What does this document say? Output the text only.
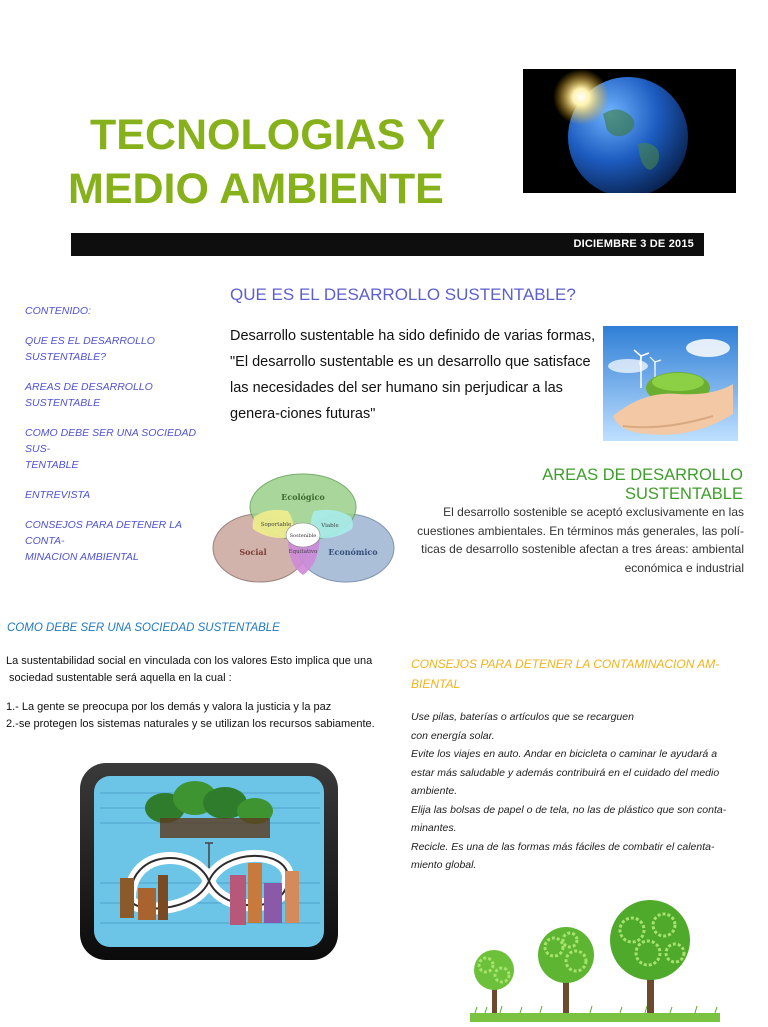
TECNOLOGIAS Y
MEDIO AMBIENTE
DICIEMBRE 3 DE 2015
CONTENIDO:
QUE ES EL DESARROLLO SUSTENTABLE?
AREAS DE DESARROLLO SUSTENTABLE
COMO DEBE SER UNA SOCIEDAD SUS-
TENTABLE
ENTREVISTA
CONSEJOS PARA DETENER LA CONTA-
MINACION AMBIENTAL
QUE ES EL DESARROLLO SUSTENTABLE?
Desarrollo sustentable ha sido definido de varias formas, "El desarrollo sustentable es un desarrollo que satisface las necesidades del ser humano sin perjudicar a las genera-ciones futuras"
AREAS DE DESARROLLO SUSTENTABLE
El desarrollo sostenible se aceptó exclusivamente en las cuestiones ambientales. En términos más generales, las polí-ticas de desarrollo sostenible afectan a tres áreas: ambiental económica e industrial
Ecológico
Social	Económico
Soportable	Viable
Equitativo
Sostenible
COMO DEBE SER UNA SOCIEDAD SUSTENTABLE

La sustentabilidad social en vinculada con los valores Esto implica que una

sociedad sustentable será aquella en la cual :

1.- La gente se preocupa por los demás y valora la justicia y la paz

2.-se protegen los sistemas naturales y se utilizan los recursos sabiamente.

CONSEJOS PARA DETENER LA CONTAMINACION AM-
BIENTAL
Use pilas, baterías o artículos que se recarguen
con energía solar.
Evite los viajes en auto. Andar en bicicleta o caminar le ayudará a
estar más saludable y además contribuirá en el cuidado del medio
ambiente.
Elija las bolsas de papel o de tela, no las de plástico que son conta-
minantes.
Recicle. Es una de las formas más fáciles de combatir el calenta-
miento global.
